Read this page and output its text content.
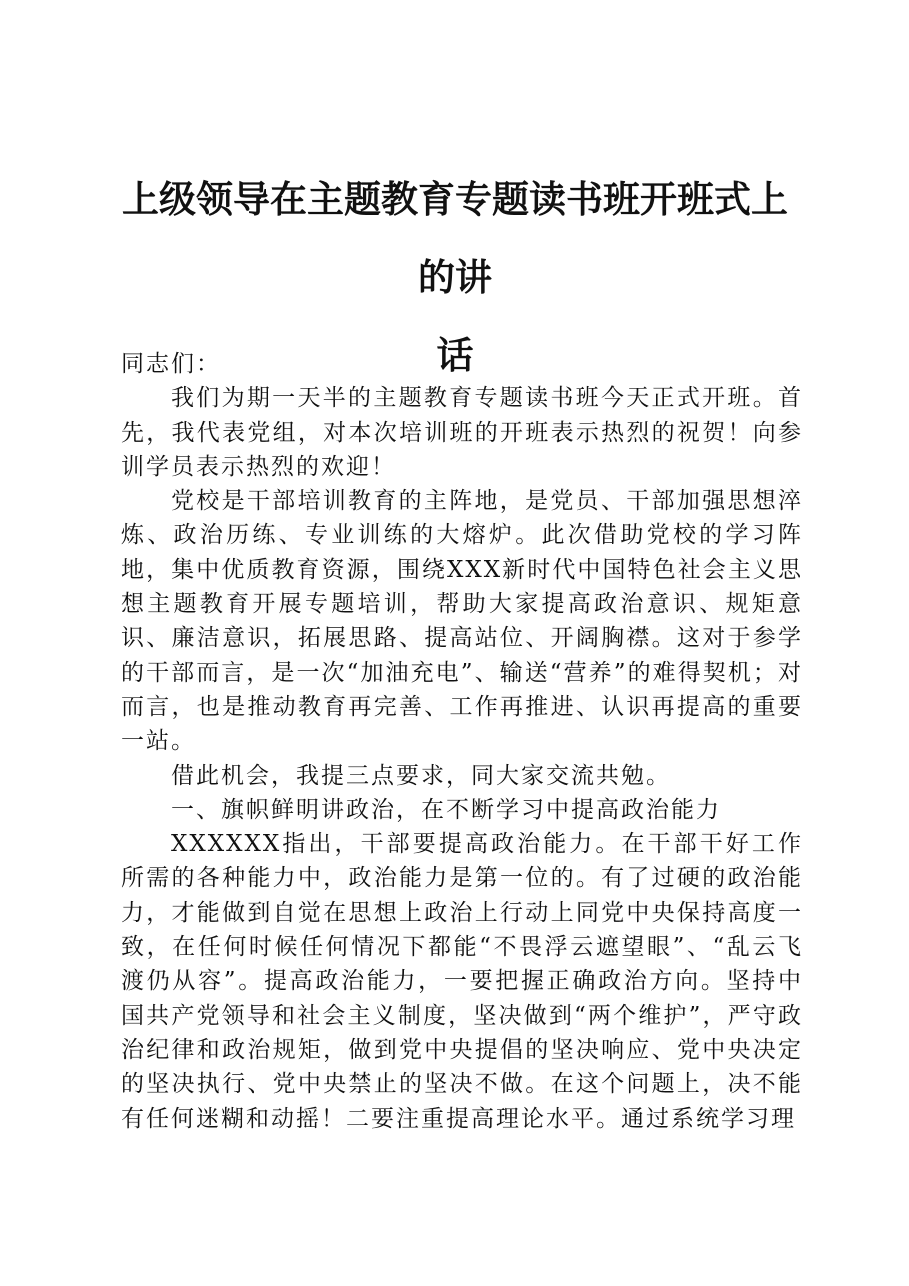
上级领导在主题教育专题读书班开班式上的讲
话

同志们：

我们为期一天半的主题教育专题读书班今天正式开班。首先，我代表党组，对本次培训班的开班表示热烈的祝贺！向参训学员表示热烈的欢迎！

党校是干部培训教育的主阵地，是党员、干部加强思想淬炼、政治历练、专业训练的大熔炉。此次借助党校的学习阵地，集中优质教育资源，围绕XXX新时代中国特色社会主义思想主题教育开展专题培训，帮助大家提高政治意识、规矩意识、廉洁意识，拓展思路、提高站位、开阔胸襟。这对于参学的干部而言，是一次“加油充电”、输送“营养”的难得契机；对而言，也是推动教育再完善、工作再推进、认识再提高的重要一站。

借此机会，我提三点要求，同大家交流共勉。

一、旗帜鲜明讲政治，在不断学习中提高政治能力

XXXXXX指出，干部要提高政治能力。在干部干好工作所需的各种能力中，政治能力是第一位的。有了过硬的政治能力，才能做到自觉在思想上政治上行动上同党中央保持高度一致，在任何时候任何情况下都能“不畏浮云遮望眼”、“乱云飞渡仍从容”。提高政治能力，一要把握正确政治方向。坚持中国共产党领导和社会主义制度，坚决做到“两个维护”，严守政治纪律和政治规矩，做到党中央提倡的坚决响应、党中央决定的坚决执行、党中央禁止的坚决不做。在这个问题上，决不能有任何迷糊和动摇！二要注重提高理论水平。通过系统学习理
